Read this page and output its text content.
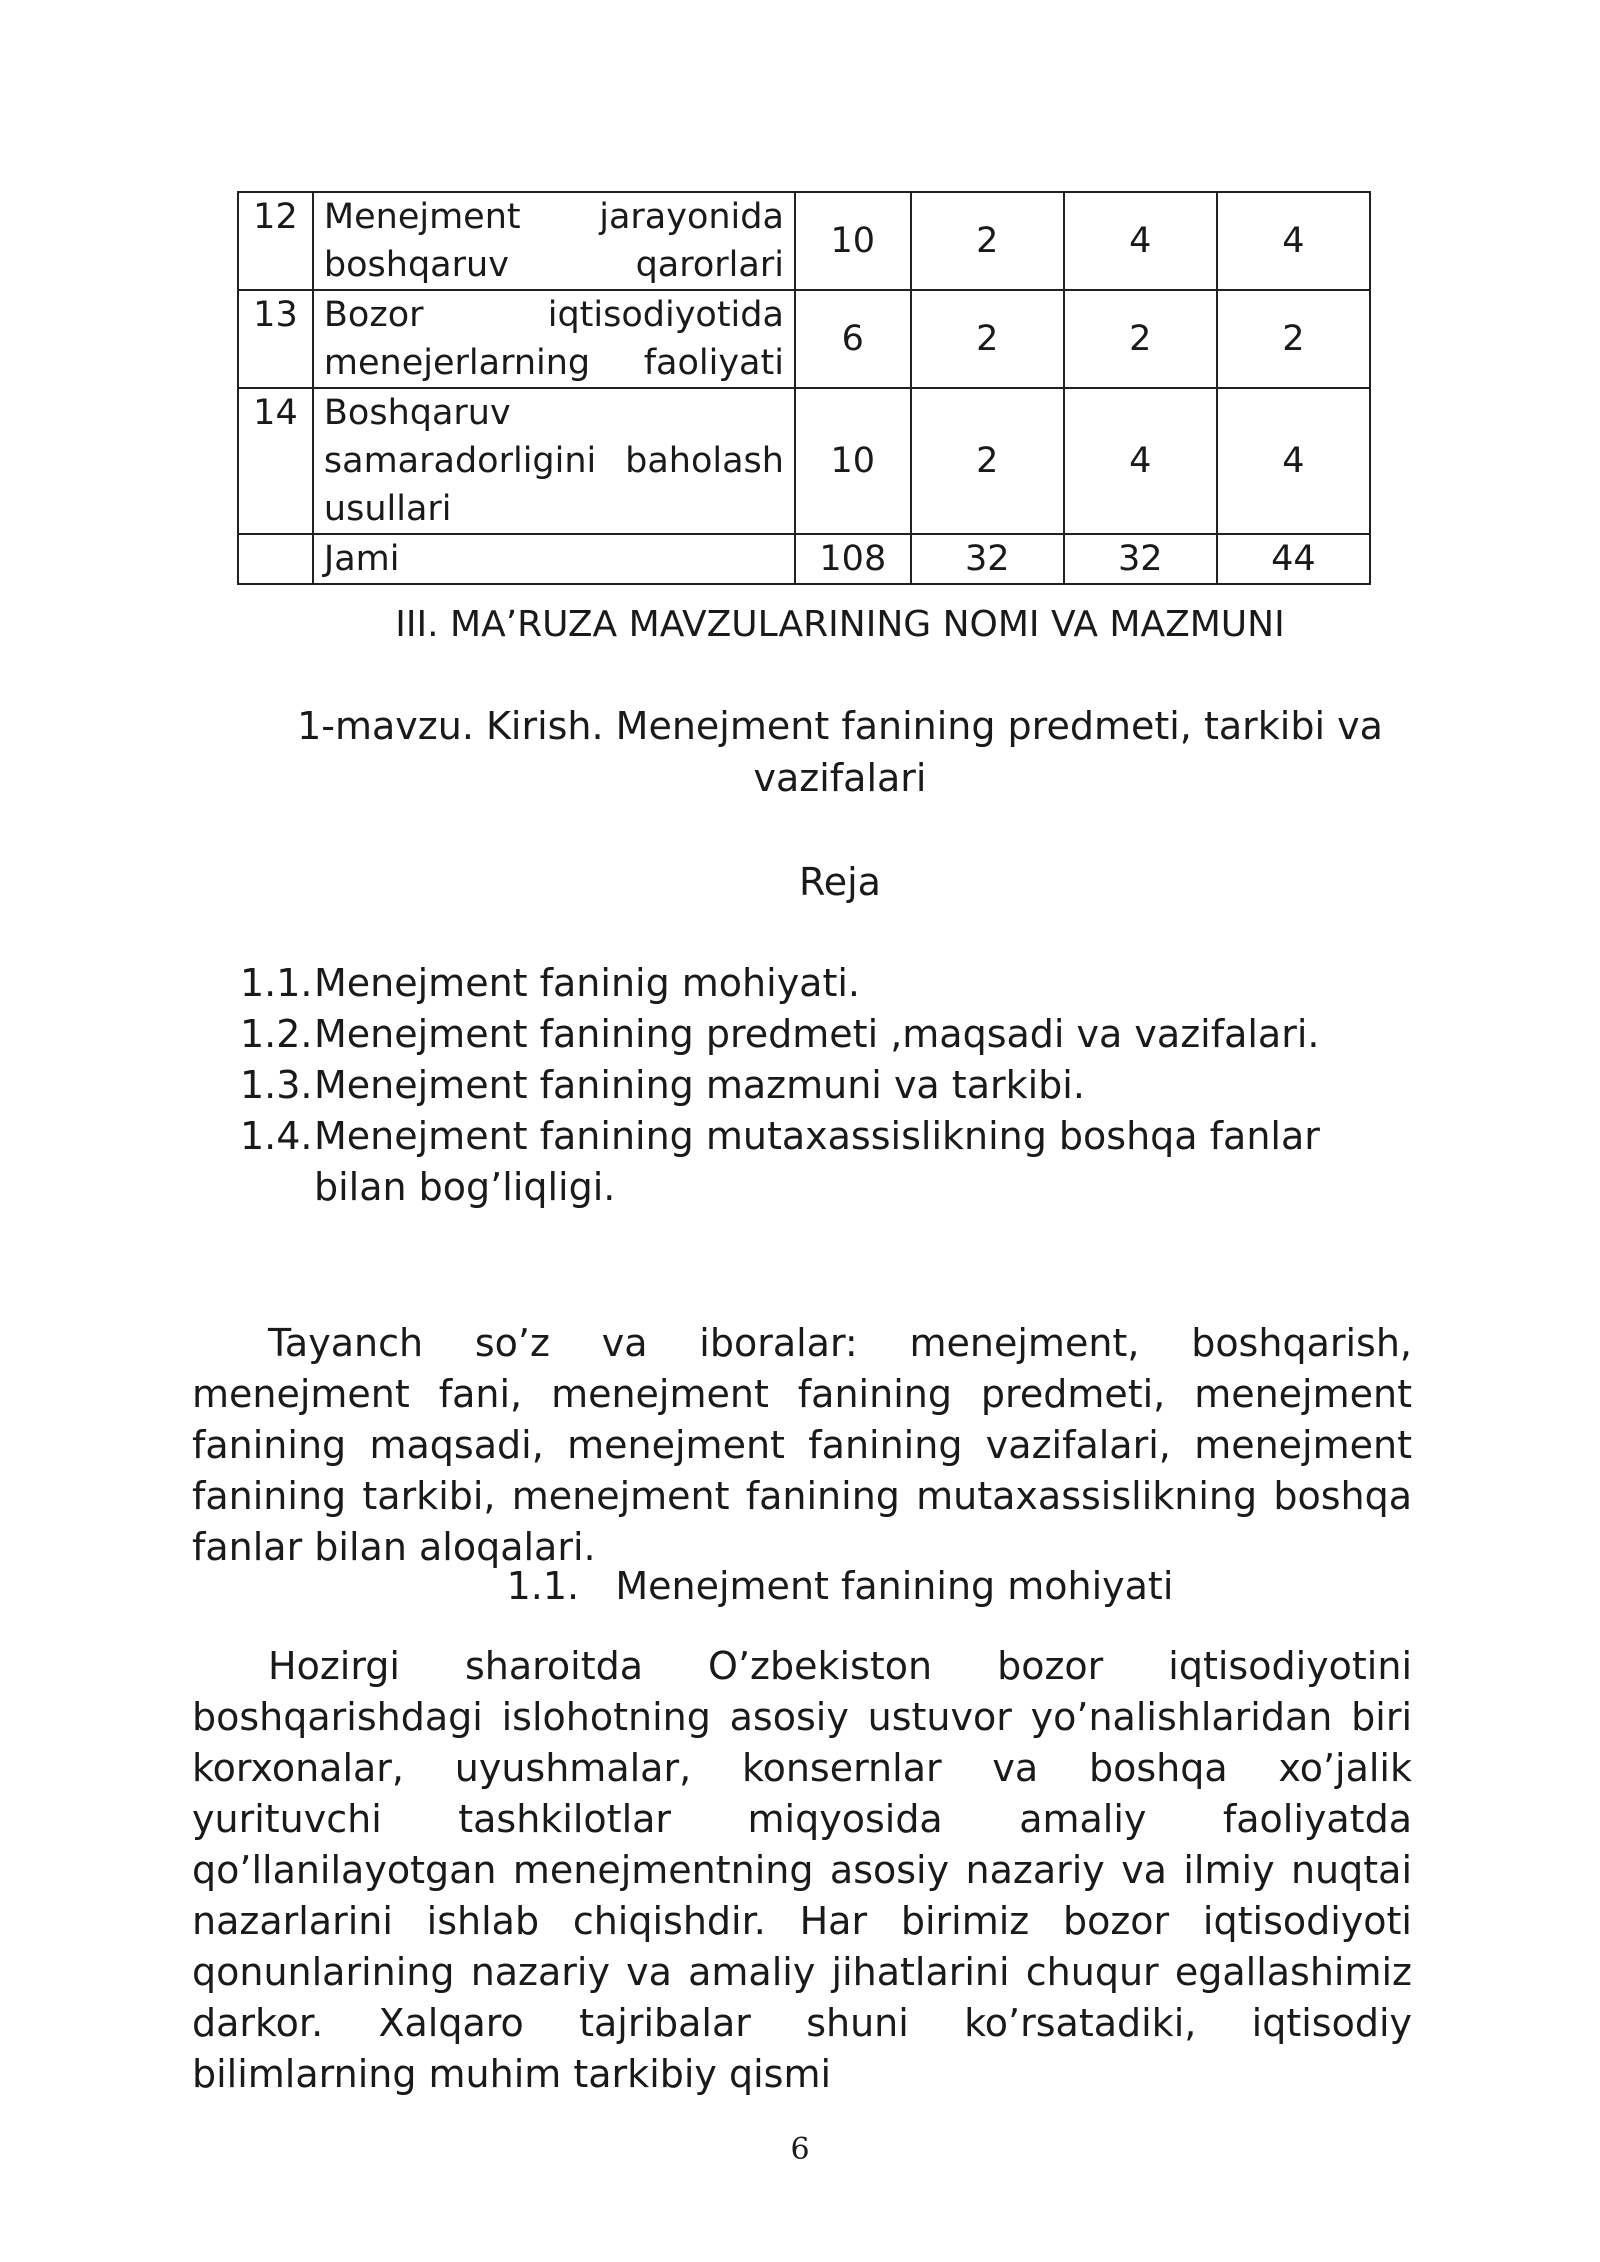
12	Menejment jarayonida boshqaruv qarorlari	10	2	4	4
13	Bozor iqtisodiyotida menejerlarning faoliyati	6	2	2	2
14	Boshqaruv samaradorligini baholash usullari	10	2	4	4
	Jami	108	32	32	44
III. MA’RUZA MAVZULARINING NOMI VA MAZMUNI
1-mavzu. Kirish. Menejment fanining predmeti, tarkibi va vazifalari
Reja
1.1. Menejment faninig mohiyati.
1.2. Menejment fanining predmeti ,maqsadi va vazifalari.
1.3. Menejment fanining mazmuni va tarkibi.
1.4. Menejment fanining mutaxassislikning boshqa fanlar bilan bog’liqligi.

Tayanch so’z va iboralar: menejment, boshqarish, menejment fani, menejment fanining predmeti, menejment fanining maqsadi, menejment fanining vazifalari, menejment fanining tarkibi, menejment fanining mutaxassislikning boshqa fanlar bilan aloqalari.

1.1.   Menejment fanining mohiyati

Hozirgi sharoitda O’zbekiston bozor iqtisodiyotini boshqarishdagi islohotning asosiy ustuvor yo’nalishlaridan biri korxonalar, uyushmalar, konsernlar va boshqa xo’jalik yurituvchi tashkilotlar miqyosida amaliy faoliyatda qo’llanilayotgan menejmentning asosiy nazariy va ilmiy nuqtai nazarlarini ishlab chiqishdir. Har birimiz bozor iqtisodiyoti qonunlarining nazariy va amaliy jihatlarini chuqur egallashimiz darkor. Xalqaro tajribalar shuni ko’rsatadiki, iqtisodiy bilimlarning muhim tarkibiy qismi

6
